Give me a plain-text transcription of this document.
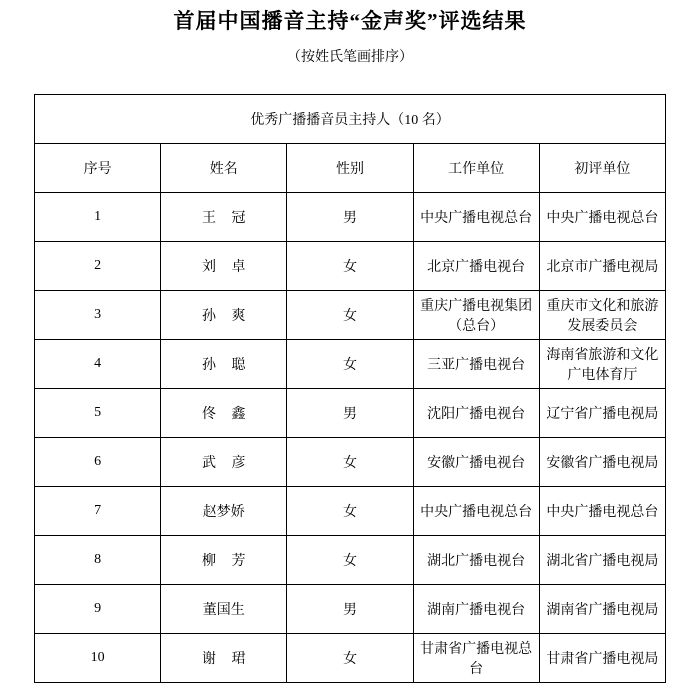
首届中国播音主持“金声奖”评选结果
（按姓氏笔画排序）
优秀广播播音员主持人（10 名）				
序号	姓名	性别	工作单位	初评单位
1	王 冠	男	中央广播电视总台	中央广播电视总台
2	刘 卓	女	北京广播电视台	北京市广播电视局
3	孙 爽	女	重庆广播电视集团（总台）	重庆市文化和旅游发展委员会
4	孙 聪	女	三亚广播电视台	海南省旅游和文化广电体育厅
5	佟 鑫	男	沈阳广播电视台	辽宁省广播电视局
6	武 彦	女	安徽广播电视台	安徽省广播电视局
7	赵梦娇	女	中央广播电视总台	中央广播电视总台
8	柳 芳	女	湖北广播电视台	湖北省广播电视局
9	董国生	男	湖南广播电视台	湖南省广播电视局
10	谢 珺	女	甘肃省广播电视总台	甘肃省广播电视局
